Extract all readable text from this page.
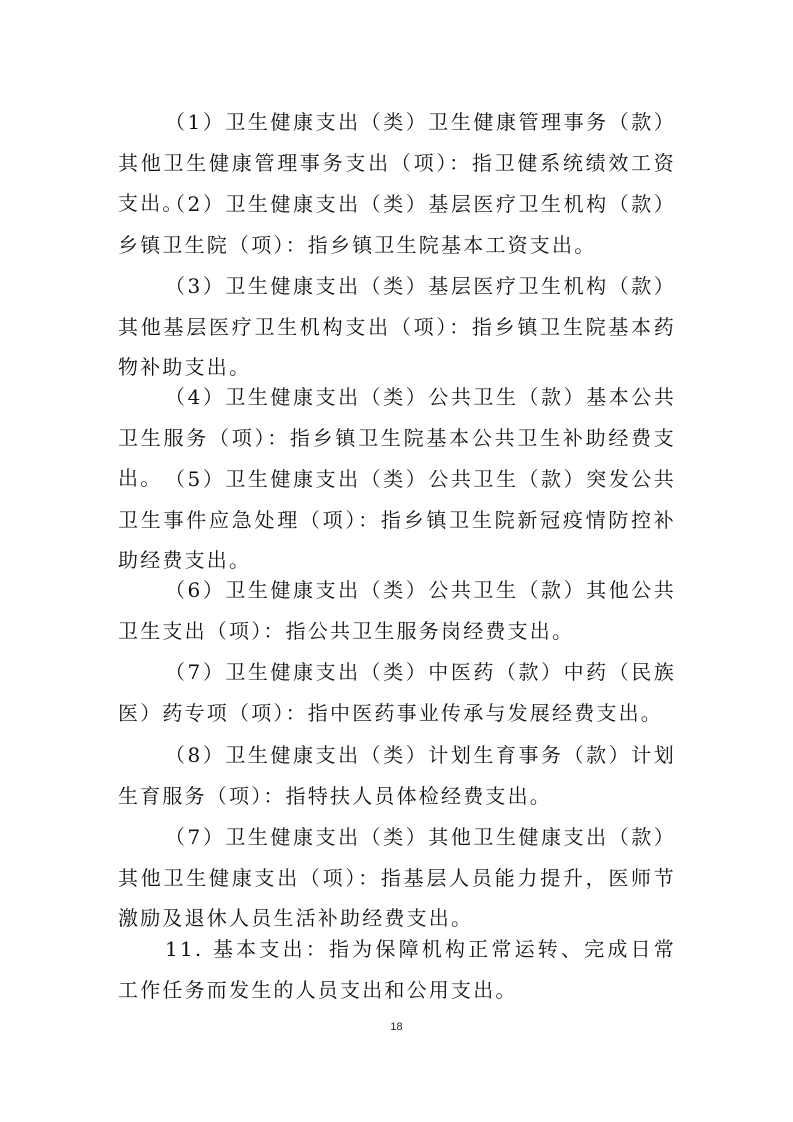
（1）卫生健康支出（类）卫生健康管理事务（款）其他卫生健康管理事务支出（项）：指卫健系统绩效工资支出。

（2）卫生健康支出（类）基层医疗卫生机构（款）乡镇卫生院（项）：指乡镇卫生院基本工资支出。

（3）卫生健康支出（类）基层医疗卫生机构（款）其他基层医疗卫生机构支出（项）：指乡镇卫生院基本药物补助支出。

（4）卫生健康支出（类）公共卫生（款）基本公共卫生服务（项）：指乡镇卫生院基本公共卫生补助经费支出。 （5）卫生健康支出（类）公共卫生（款）突发公共卫生事件应急处理（项）：指乡镇卫生院新冠疫情防控补助经费支出。

（6）卫生健康支出（类）公共卫生（款）其他公共卫生支出（项）：指公共卫生服务岗经费支出。

（7）卫生健康支出（类）中医药（款）中药（民族医）药专项（项）：指中医药事业传承与发展经费支出。

（8）卫生健康支出（类）计划生育事务（款）计划生育服务（项）：指特扶人员体检经费支出。

（7）卫生健康支出（类）其他卫生健康支出（款）其他卫生健康支出（项）：指基层人员能力提升，医师节激励及退休人员生活补助经费支出。

11. 基本支出：指为保障机构正常运转、完成日常工作任务而发生的人员支出和公用支出。

18
